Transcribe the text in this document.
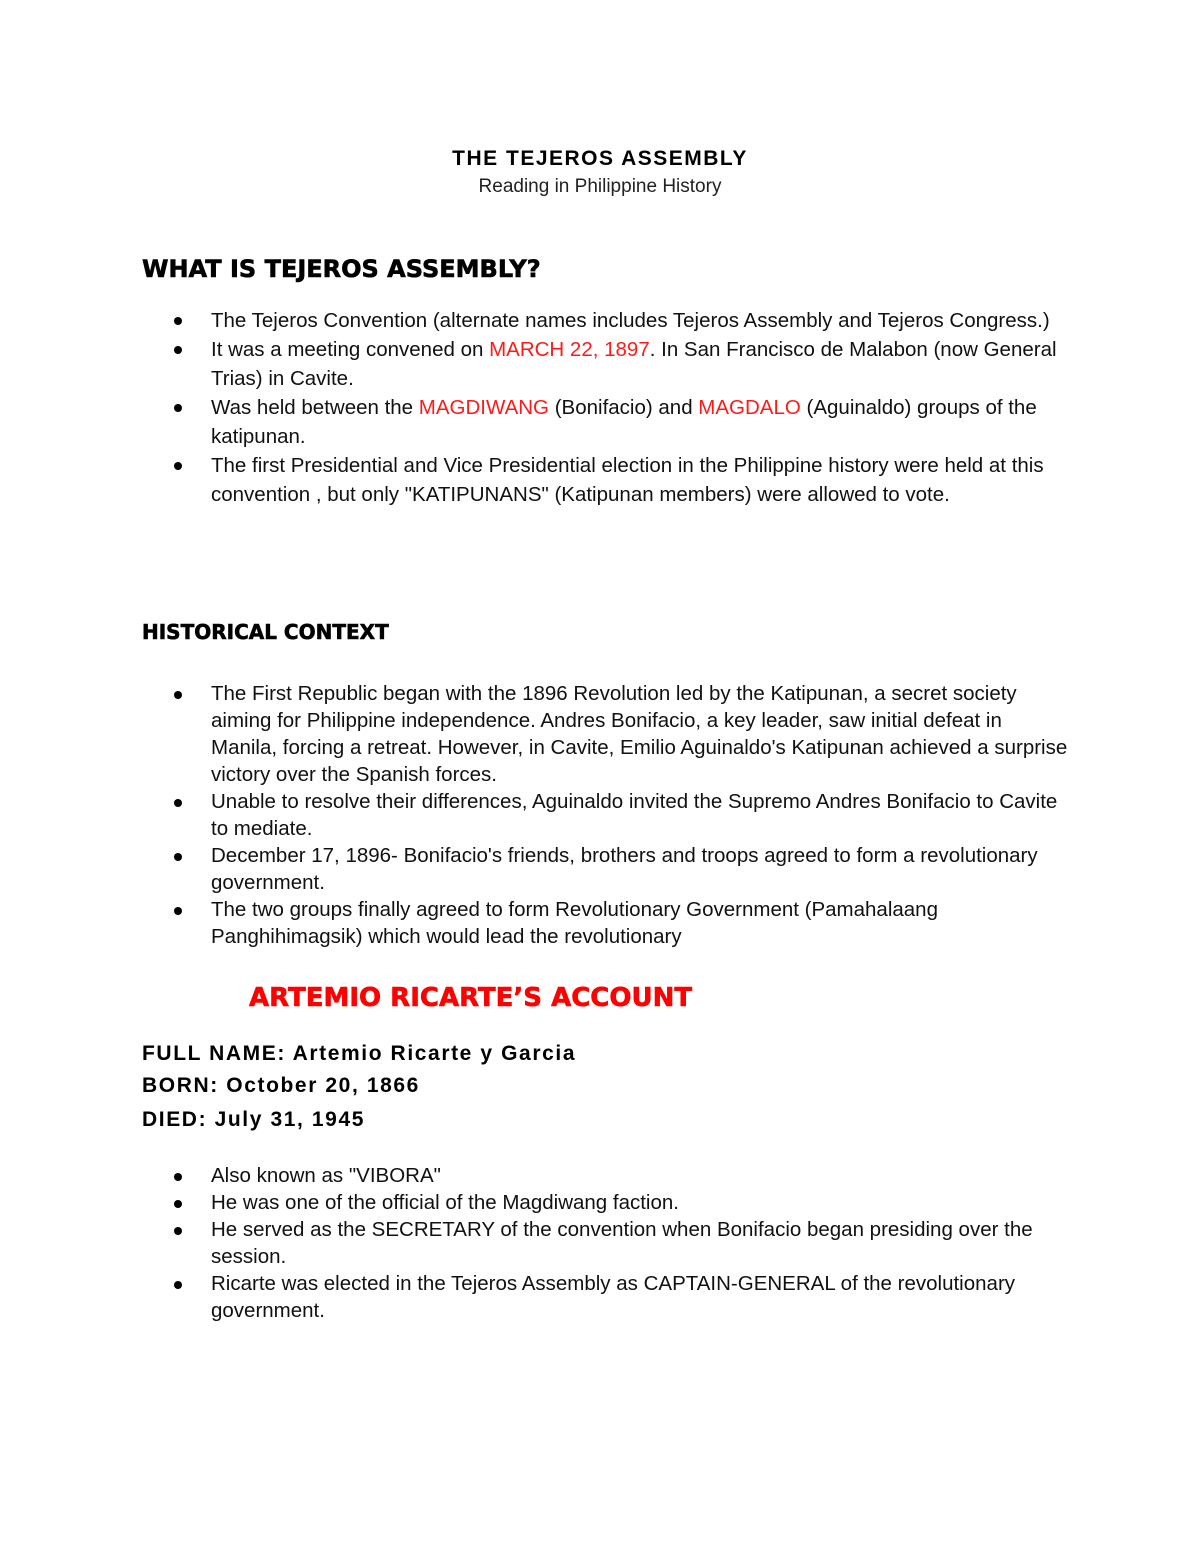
THE TEJEROS ASSEMBLY
Reading in Philippine History
WHAT IS TEJEROS ASSEMBLY?
The Tejeros Convention (alternate names includes Tejeros Assembly and Tejeros Congress.)
It was a meeting convened on MARCH 22, 1897. In San Francisco de Malabon (now General Trias) in Cavite.
Was held between the MAGDIWANG (Bonifacio) and MAGDALO (Aguinaldo) groups of the katipunan.
The first Presidential and Vice Presidential election in the Philippine history were held at this convention , but only "KATIPUNANS" (Katipunan members) were allowed to vote.
HISTORICAL CONTEXT
The First Republic began with the 1896 Revolution led by the Katipunan, a secret society aiming for Philippine independence. Andres Bonifacio, a key leader, saw initial defeat in Manila, forcing a retreat. However, in Cavite, Emilio Aguinaldo's Katipunan achieved a surprise victory over the Spanish forces.
Unable to resolve their differences, Aguinaldo invited the Supremo Andres Bonifacio to Cavite to mediate.
December 17, 1896- Bonifacio's friends, brothers and troops agreed to form a revolutionary government.
The two groups finally agreed to form Revolutionary Government (Pamahalaang Panghihimagsik) which would lead the revolutionary
ARTEMIO RICARTE’S ACCOUNT
FULL NAME: Artemio Ricarte y Garcia
BORN: October 20, 1866
DIED: July 31, 1945
Also known as "VIBORA"
He was one of the official of the Magdiwang faction.
He served as the SECRETARY of the convention when Bonifacio began presiding over the session.
Ricarte was elected in the Tejeros Assembly as CAPTAIN-GENERAL of the revolutionary government.
